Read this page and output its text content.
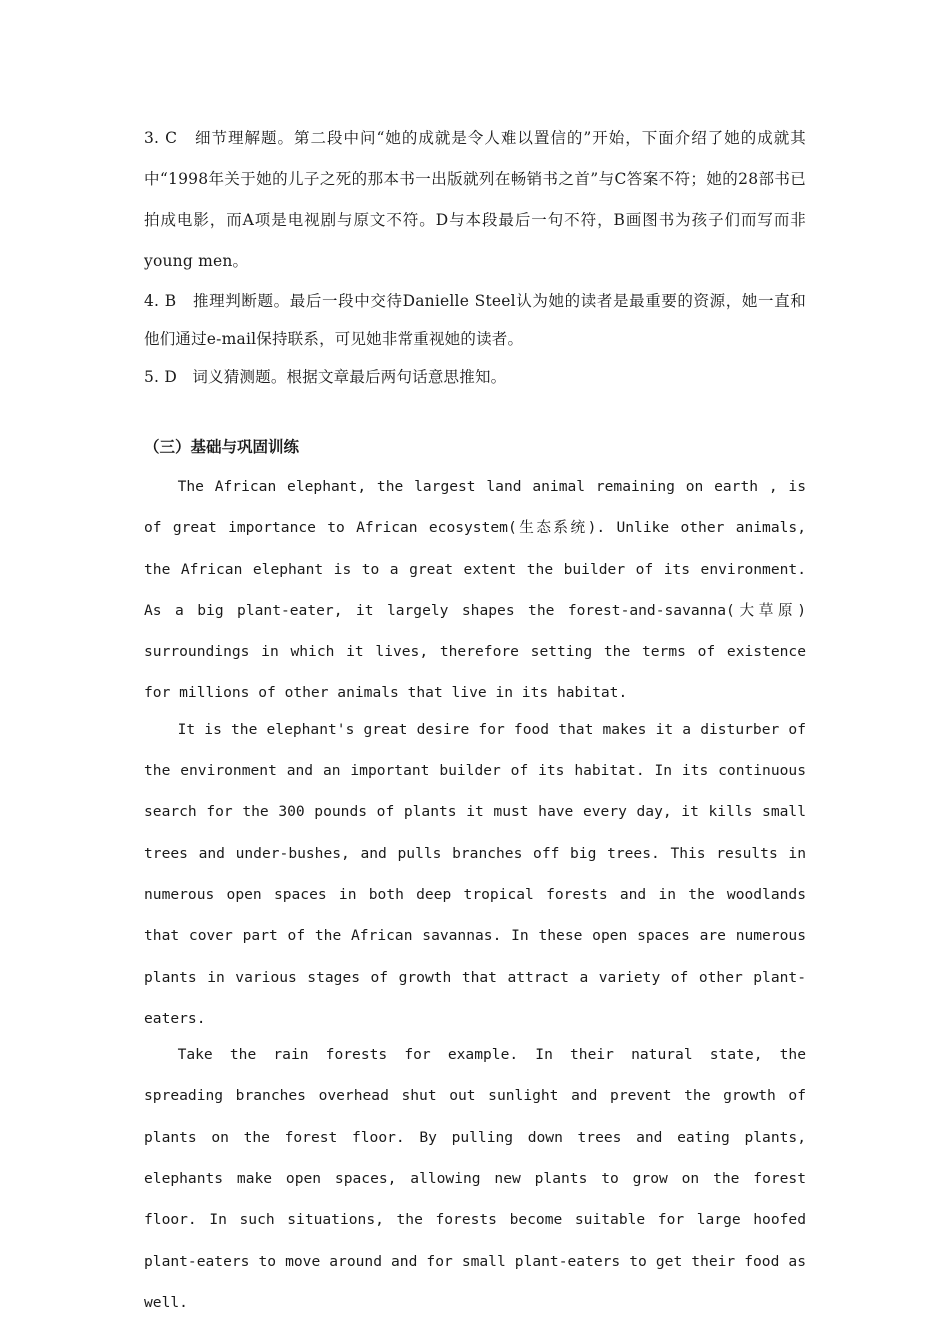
3. C 细节理解题。第二段中问“她的成就是令人难以置信的”开始，下面介绍了她的成就其中“1998年关于她的儿子之死的那本书一出版就列在畅销书之首”与C答案不符；她的28部书已拍成电影，而A项是电视剧与原文不符。D与本段最后一句不符，B画图书为孩子们而写而非young men。

4. B 推理判断题。最后一段中交待Danielle Steel认为她的读者是最重要的资源，她一直和他们通过e-mail保持联系，可见她非常重视她的读者。

5. D 词义猜测题。根据文章最后两句话意思推知。

（三）基础与巩固训练

The African elephant, the largest land animal remaining on earth , is of great importance to African ecosystem(生态系统). Unlike other animals, the African elephant is to a great extent the builder of its environment. As a big plant-eater, it largely shapes the forest-and-savanna(大草原) surroundings in which it lives, therefore setting the terms of existence for millions of other animals that live in its habitat.

It is the elephant's great desire for food that makes it a disturber of the environment and an important builder of its habitat. In its continuous search for the 300 pounds of plants it must have every day, it kills small trees and under-bushes, and pulls branches off big trees. This results in numerous open spaces in both deep tropical forests and in the woodlands that cover part of the African savannas. In these open spaces are numerous plants in various stages of growth that attract a variety of other plant-eaters.

Take the rain forests for example. In their natural state, the spreading branches overhead shut out sunlight and prevent the growth of plants on the forest floor. By pulling down trees and eating plants, elephants make open spaces, allowing new plants to grow on the forest floor. In such situations, the forests become suitable for large hoofed plant-eaters to move around and for small plant-eaters to get their food as well.
